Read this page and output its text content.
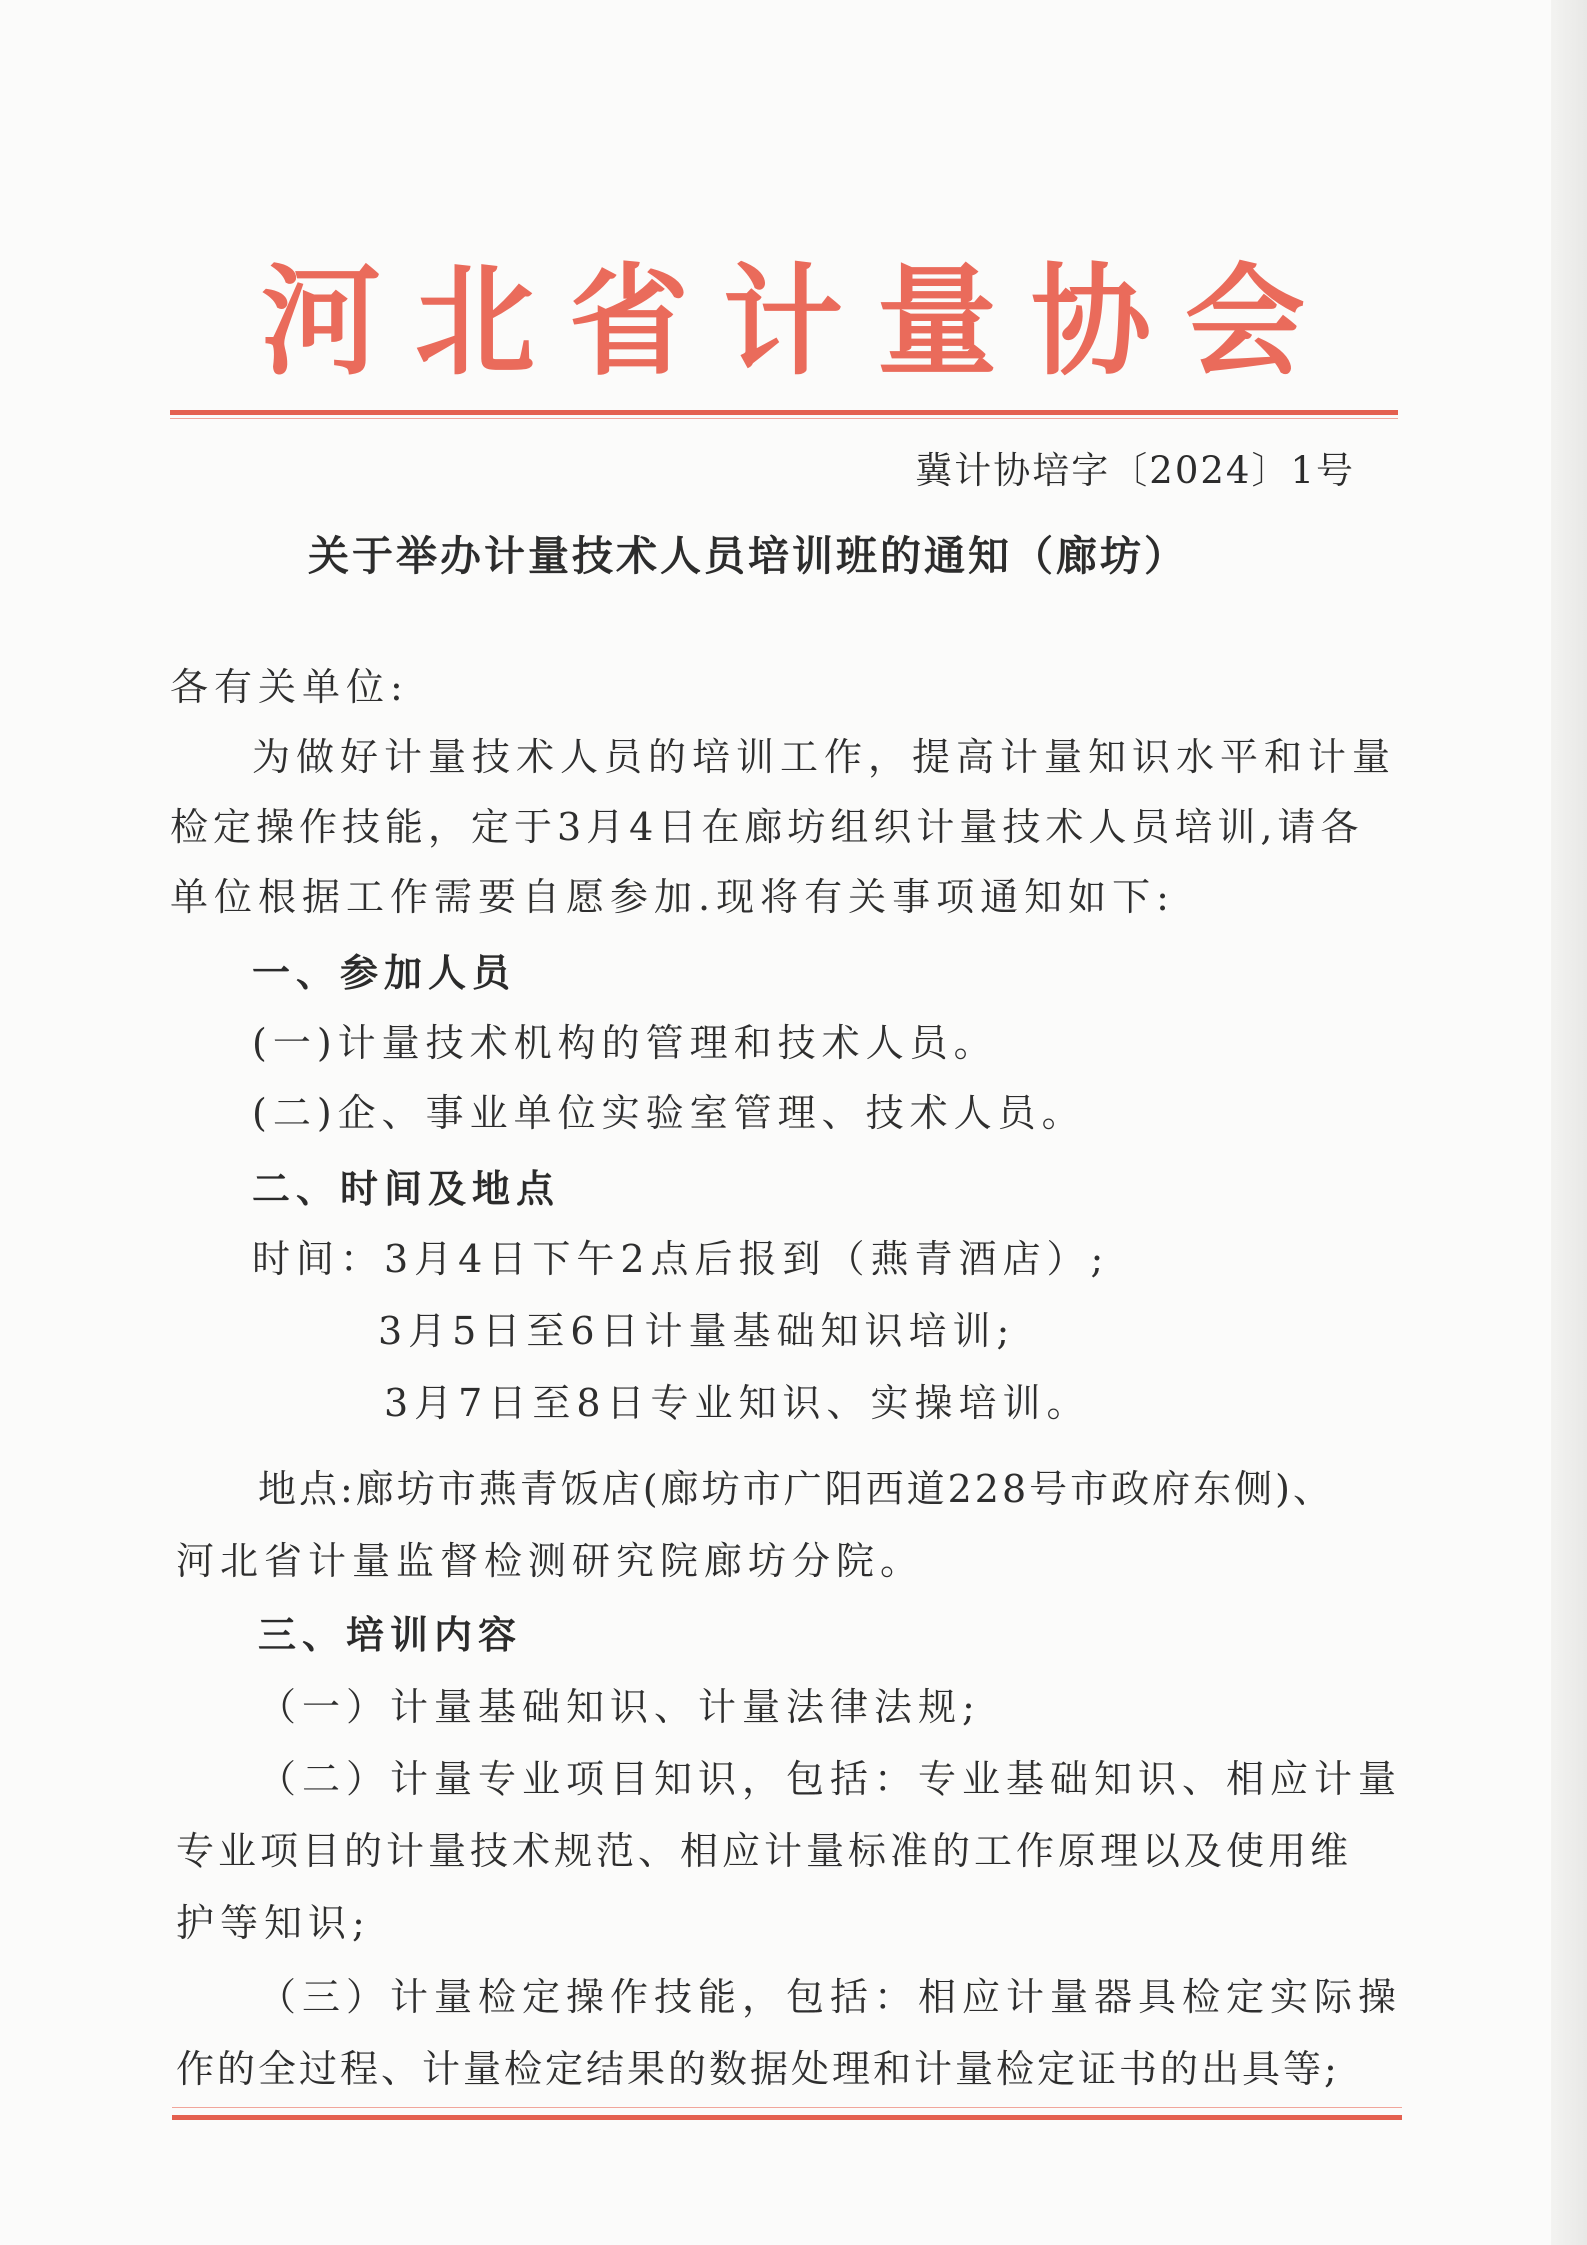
河北省计量协会
冀计协培字〔2024〕1号
关于举办计量技术人员培训班的通知（廊坊）
各有关单位:
为做好计量技术人员的培训工作，提高计量知识水平和计量
检定操作技能，定于3月4日在廊坊组织计量技术人员培训,请各
单位根据工作需要自愿参加.现将有关事项通知如下:
一、参加人员
(一)计量技术机构的管理和技术人员。
(二)企、事业单位实验室管理、技术人员。
二、时间及地点
时间：3月4日下午2点后报到（燕青酒店）;
3月5日至6日计量基础知识培训;
3月7日至8日专业知识、实操培训。
地点:廊坊市燕青饭店(廊坊市广阳西道228号市政府东侧)、
河北省计量监督检测研究院廊坊分院。
三、培训内容
（一）计量基础知识、计量法律法规;
（二）计量专业项目知识，包括：专业基础知识、相应计量
专业项目的计量技术规范、相应计量标准的工作原理以及使用维
护等知识;
（三）计量检定操作技能，包括：相应计量器具检定实际操
作的全过程、计量检定结果的数据处理和计量检定证书的出具等;
